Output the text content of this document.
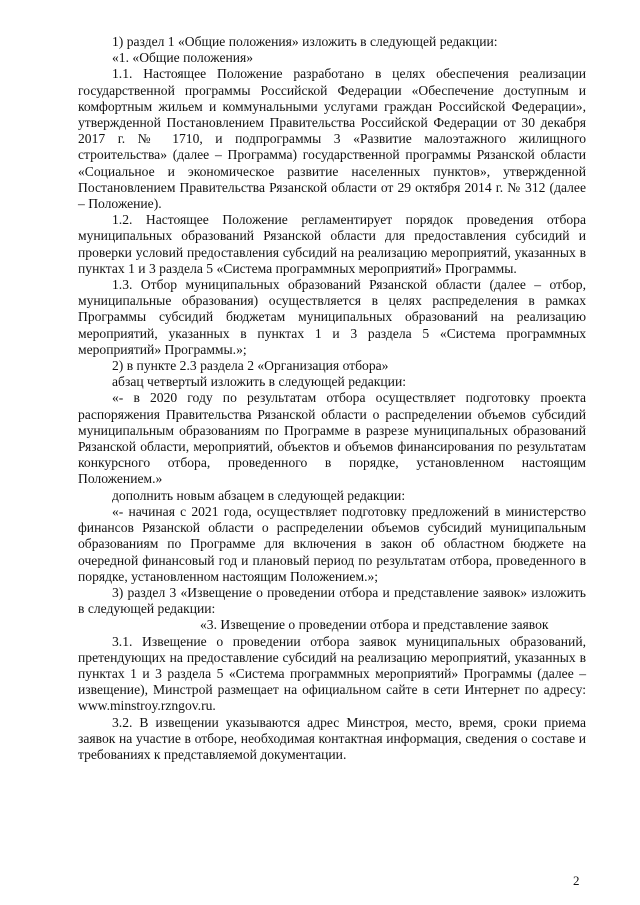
1) раздел 1 «Общие положения» изложить в следующей редакции:

«1. «Общие положения»

1.1. Настоящее Положение разработано в целях обеспечения реализации государственной программы Российской Федерации «Обеспечение доступным и комфортным жильем и коммунальными услугами граждан Российской Федерации», утвержденной Постановлением Правительства Российской Федерации от 30 декабря 2017 г. № 1710, и подпрограммы 3 «Развитие малоэтажного жилищного строительства» (далее – Программа) государственной программы Рязанской области «Социальное и экономическое развитие населенных пунктов», утвержденной Постановлением Правительства Рязанской области от 29 октября 2014 г. № 312 (далее – Положение).

1.2. Настоящее Положение регламентирует порядок проведения отбора муниципальных образований Рязанской области для предоставления субсидий и проверки условий предоставления субсидий на реализацию мероприятий, указанных в пунктах 1 и 3 раздела 5 «Система программных мероприятий» Программы.

1.3. Отбор муниципальных образований Рязанской области (далее – отбор, муниципальные образования) осуществляется в целях распределения в рамках Программы субсидий бюджетам муниципальных образований на реализацию мероприятий, указанных в пунктах 1 и 3 раздела 5 «Система программных мероприятий» Программы.»;

2) в пункте 2.3 раздела 2 «Организация отбора»

абзац четвертый изложить в следующей редакции:

«- в 2020 году по результатам отбора осуществляет подготовку проекта распоряжения Правительства Рязанской области о распределении объемов субсидий муниципальным образованиям по Программе в разрезе муниципальных образований Рязанской области, мероприятий, объектов и объемов финансирования по результатам конкурсного отбора, проведенного в порядке, установленном настоящим Положением.»

дополнить новым абзацем в следующей редакции:

«- начиная с 2021 года, осуществляет подготовку предложений в министерство финансов Рязанской области о распределении объемов субсидий муниципальным образованиям по Программе для включения в закон об областном бюджете на очередной финансовый год и плановый период по результатам отбора, проведенного в порядке, установленном настоящим Положением.»;

3) раздел 3 «Извещение о проведении отбора и представление заявок» изложить в следующей редакции:

«3. Извещение о проведении отбора и представление заявок

3.1. Извещение о проведении отбора заявок муниципальных образований, претендующих на предоставление субсидий на реализацию мероприятий, указанных в пунктах 1 и 3 раздела 5 «Система программных мероприятий» Программы (далее – извещение), Минстрой размещает на официальном сайте в сети Интернет по адресу: www.minstroy.rzngov.ru.

3.2. В извещении указываются адрес Минстроя, место, время, сроки приема заявок на участие в отборе, необходимая контактная информация, сведения о составе и требованиях к представляемой документации.

2
